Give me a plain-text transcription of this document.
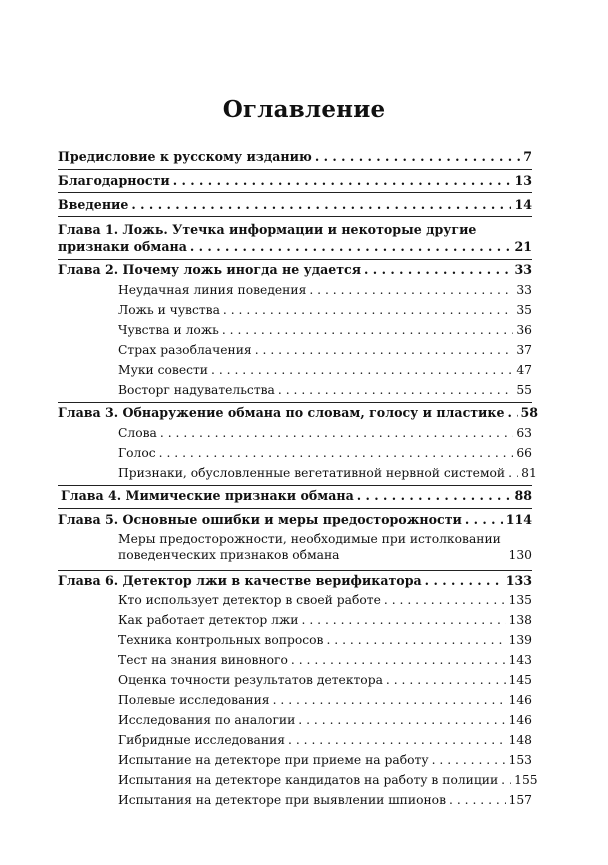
Оглавление
Предисловие к русскому изданию . . .	7
Благодарности . . .	13
Введение . . .	14
Глава 1. Ложь. Утечка информации и некоторые другие
признаки обмана . . .	21
Глава 2. Почему ложь иногда не удается . . .	33
Неудачная линия поведения . . .	33
Ложь и чувства . . .	35
Чувства и ложь . . .	36
Страх разоблачения . . .	37
Муки совести . . .	47
Восторг надувательства . . .	55
Глава 3. Обнаружение обмана по словам, голосу и пластике . . . 58
Слова . . .	63
Голос . . .	66
Признаки, обусловленные вегетативной нервной системой . . . 81
Глава 4. Мимические признаки обмана . . .	88
Глава 5. Основные ошибки и меры предосторожности . . .	114
Меры предосторожности, необходимые при истолковании
поведенческих признаков обмана	130
Глава 6. Детектор лжи в качестве верификатора . . .	133
Кто использует детектор в своей работе . . .	135
Как работает детектор лжи . . .	138
Техника контрольных вопросов . . .	139
Тест на знания виновного . . .	143
Оценка точности результатов детектора . . .	145
Полевые исследования . . .	146
Исследования по аналогии . . .	146
Гибридные исследования . . .	148
Испытание на детекторе при приеме на работу . . .	153
Испытания на детекторе кандидатов на работу в полиции . . . 155
Испытания на детекторе при выявлении шпионов . . .	157
